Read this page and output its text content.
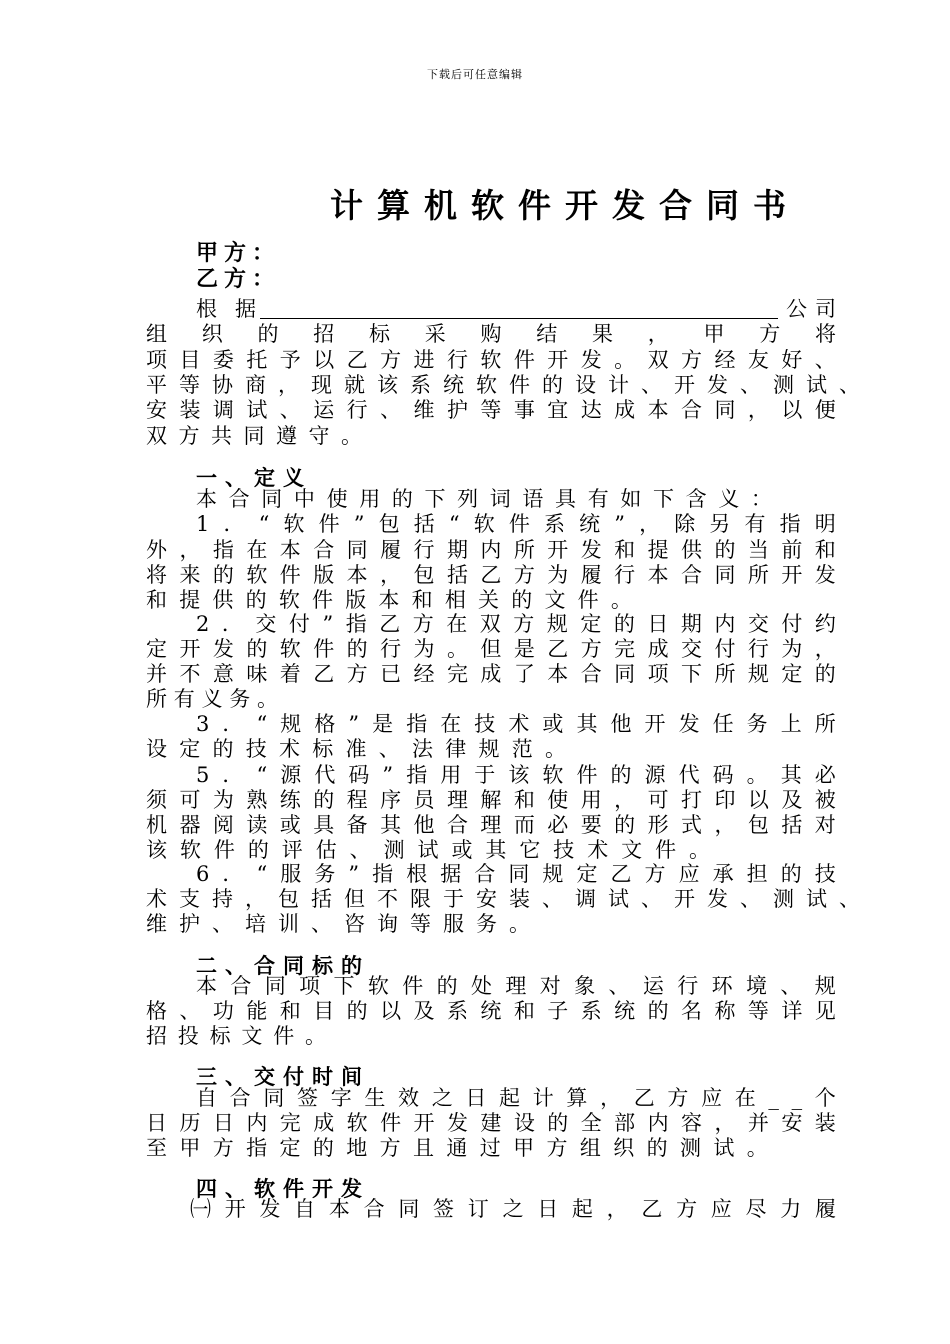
下载后可任意编辑
计算机软件开发合同书
甲方：
乙方：
根 据	公 司
组 织 的 招 标 采 购 结 果 ， 甲 方 将
项 目 委 托 予 以 乙 方 进 行 软 件 开 发 。 双 方 经 友 好 、
平 等 协 商 ， 现 就 该 系 统 软 件 的 设 计 、 开 发 、 测 试 、
安 装 调 试 、 运 行 、 维 护 等 事 宜 达 成 本 合 同 ， 以 便
双 方 共 同 遵 守 。
一、定义
本 合 同 中 使 用 的 下 列 词 语 具 有 如 下 含 义 ：
1 ． “ 软 件 ” 包 括 “ 软 件 系 统 ” ， 除 另 有 指 明
外 ， 指 在 本 合 同 履 行 期 内 所 开 发 和 提 供 的 当 前 和
将 来 的 软 件 版 本 ， 包 括 乙 方 为 履 行 本 合 同 所 开 发
和 提 供 的 软 件 版 本 和 相 关 的 文 件 。
2 ． 交 付 ” 指 乙 方 在 双 方 规 定 的 日 期 内 交 付 约
定 开 发 的 软 件 的 行 为 。 但 是 乙 方 完 成 交 付 行 为 ，
并 不 意 味 着 乙 方 已 经 完 成 了 本 合 同 项 下 所 规 定 的
所 有 义 务 。
3 ． “ 规 格 ” 是 指 在 技 术 或 其 他 开 发 任 务 上 所
设 定 的 技 术 标 准 、 法 律 规 范 。
5 ． “ 源 代 码 ” 指 用 于 该 软 件 的 源 代 码 。 其 必
须 可 为 熟 练 的 程 序 员 理 解 和 使 用 ， 可 打 印 以 及 被
机 器 阅 读 或 具 备 其 他 合 理 而 必 要 的 形 式 ， 包 括 对
该 软 件 的 评 估 、 测 试 或 其 它 技 术 文 件 。
6 ． “ 服 务 ” 指 根 据 合 同 规 定 乙 方 应 承 担 的 技
术 支 持 ， 包 括 但 不 限 于 安 装 、 调 试 、 开 发 、 测 试 、
维 护 、 培 训 、 咨 询 等 服 务 。
二、合同标的
本 合 同 项 下 软 件 的 处 理 对 象 、 运 行 环 境 、 规
格 、 功 能 和 目 的 以 及 系 统 和 子 系 统 的 名 称 等 详 见
招 投 标 文 件 。
三、交付时间
自 合 同 签 字 生 效 之 日 起 计 算 ， 乙 方 应 在 _ _ 个
日 历 日 内 完 成 软 件 开 发 建 设 的 全 部 内 容 ， 并 安 装
至 甲 方 指 定 的 地 方 且 通 过 甲 方 组 织 的 测 试 。
四、软件开发
㈠ 开 发 自 本 合 同 签 订 之 日 起 ， 乙 方 应 尽 力 履
